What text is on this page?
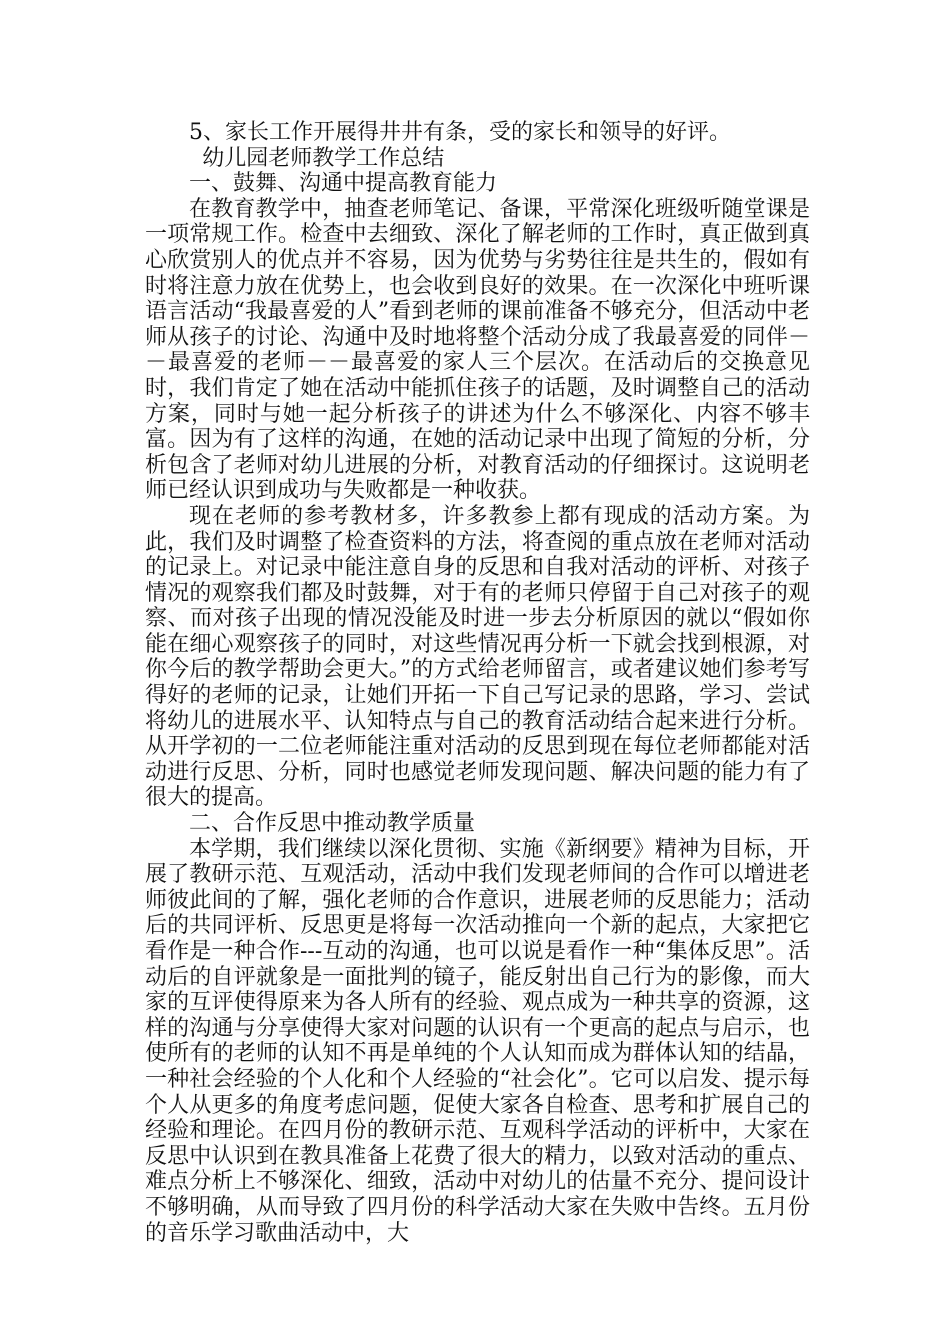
5、家长工作开展得井井有条，受的家长和领导的好评。

幼儿园老师教学工作总结

一、鼓舞、沟通中提高教育能力

在教育教学中，抽查老师笔记、备课，平常深化班级听随堂课是一项常规工作。检查中去细致、深化了解老师的工作时，真正做到真心欣赏别人的优点并不容易，因为优势与劣势往往是共生的，假如有时将注意力放在优势上，也会收到良好的效果。在一次深化中班听课语言活动“我最喜爱的人”看到老师的课前准备不够充分，但活动中老师从孩子的讨论、沟通中及时地将整个活动分成了我最喜爱的同伴－－最喜爱的老师－－最喜爱的家人三个层次。在活动后的交换意见时，我们肯定了她在活动中能抓住孩子的话题，及时调整自己的活动方案，同时与她一起分析孩子的讲述为什么不够深化、内容不够丰富。因为有了这样的沟通，在她的活动记录中出现了简短的分析，分析包含了老师对幼儿进展的分析，对教育活动的仔细探讨。这说明老师已经认识到成功与失败都是一种收获。

现在老师的参考教材多，许多教参上都有现成的活动方案。为此，我们及时调整了检查资料的方法，将查阅的重点放在老师对活动的记录上。对记录中能注意自身的反思和自我对活动的评析、对孩子情况的观察我们都及时鼓舞，对于有的老师只停留于自己对孩子的观察、而对孩子出现的情况没能及时进一步去分析原因的就以“假如你能在细心观察孩子的同时，对这些情况再分析一下就会找到根源，对你今后的教学帮助会更大。”的方式给老师留言，或者建议她们参考写得好的老师的记录，让她们开拓一下自己写记录的思路，学习、尝试将幼儿的进展水平、认知特点与自己的教育活动结合起来进行分析。从开学初的一二位老师能注重对活动的反思到现在每位老师都能对活动进行反思、分析，同时也感觉老师发现问题、解决问题的能力有了很大的提高。

二、合作反思中推动教学质量

本学期，我们继续以深化贯彻、实施《新纲要》精神为目标，开展了教研示范、互观活动，活动中我们发现老师间的合作可以增进老师彼此间的了解，强化老师的合作意识，进展老师的反思能力；活动后的共同评析、反思更是将每一次活动推向一个新的起点，大家把它看作是一种合作---互动的沟通，也可以说是看作一种“集体反思”。活动后的自评就象是一面批判的镜子，能反射出自己行为的影像，而大家的互评使得原来为各人所有的经验、观点成为一种共享的资源，这样的沟通与分享使得大家对问题的认识有一个更高的起点与启示，也使所有的老师的认知不再是单纯的个人认知而成为群体认知的结晶，一种社会经验的个人化和个人经验的“社会化”。它可以启发、提示每个人从更多的角度考虑问题，促使大家各自检查、思考和扩展自己的经验和理论。在四月份的教研示范、互观科学活动的评析中，大家在反思中认识到在教具准备上花费了很大的精力，以致对活动的重点、难点分析上不够深化、细致，活动中对幼儿的估量不充分、提问设计不够明确，从而导致了四月份的科学活动大家在失败中告终。五月份的音乐学习歌曲活动中，大
